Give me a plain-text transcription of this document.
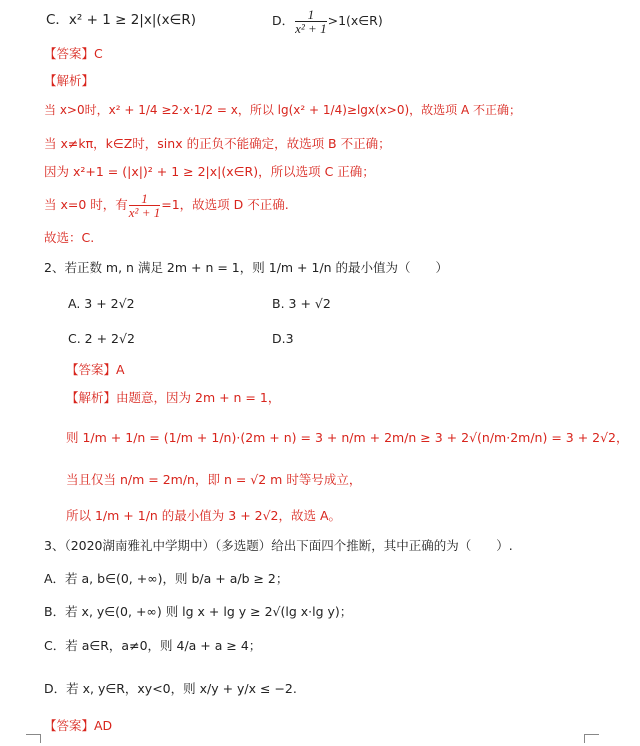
C．x² + 1 ≥ 2|x|(x∈R)	D． $\frac{1}{\text{x² + 1}}$ >1(x∈R)
【答案】C
【解析】
当 x>0时，x² + 1/4 ≥2·x·1/2 = x，所以 lg(x² + 1/4)≥lgx(x>0)，故选项 A 不正确；
当 x≠kπ，k∈Z时，sinx 的正负不能确定，故选项 B 不正确；
因为 x²+1 = (|x|)² + 1 ≥ 2|x|(x∈R)，所以选项 C 正确；
当 x=0 时，有 $\frac{1}{\text{x² + 1}} =1$，故选项 D 不正确.
故选：C.
2、若正数 m, n 满足 2m + n = 1，则 1/m + 1/n 的最小值为（　　）
A. 3 + 2√2	B. 3 + √2
C. 2 + 2√2	D.3
【答案】A
【解析】由题意，因为 2m + n = 1，
则 1/m + 1/n = (1/m + 1/n)·(2m + n) = 3 + n/m + 2m/n ≥ 3 + 2√(n/m·2m/n) = 3 + 2√2，
当且仅当 n/m = 2m/n，即 n = √2 m 时等号成立，
所以 1/m + 1/n 的最小值为 3 + 2√2，故选 A。
3、（2020湖南雅礼中学期中）（多选题）给出下面四个推断，其中正确的为（　　）.
A．若 a, b∈(0, +∞)，则 b/a + a/b ≥ 2；
B．若 x, y∈(0, +∞) 则 lg x + lg y ≥ 2√(lg x·lg y)；
C．若 a∈R，a≠0，则 4/a + a ≥ 4；
D．若 x, y∈R，xy<0，则 x/y + y/x ≤ −2.
【答案】AD
